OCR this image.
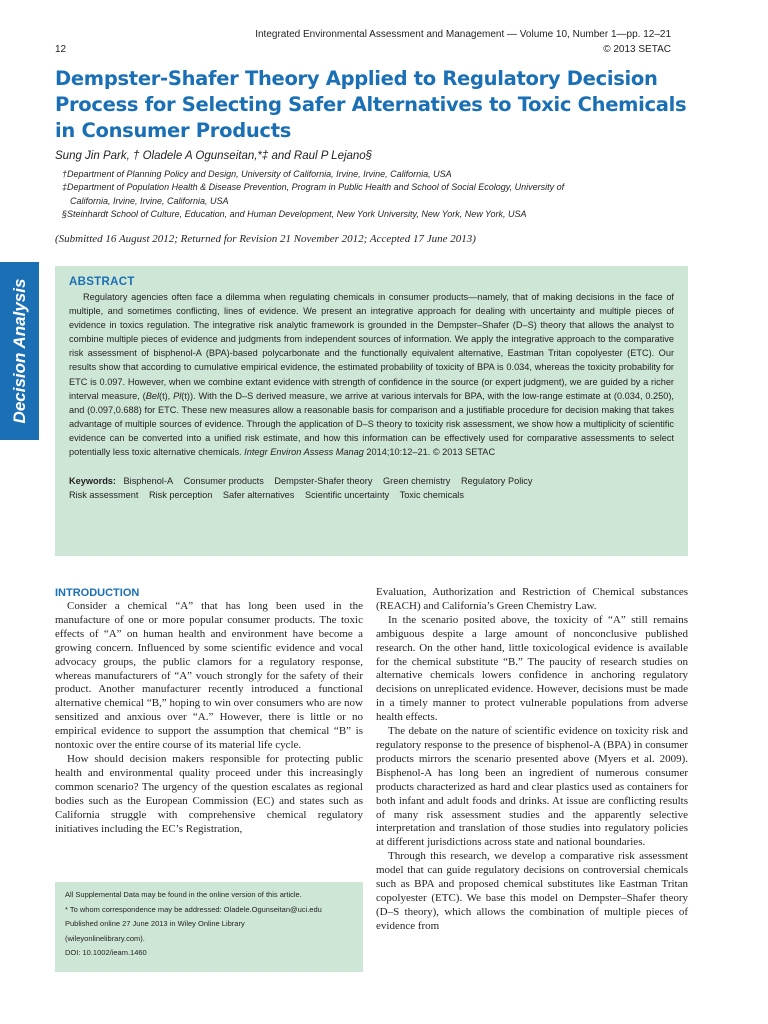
Integrated Environmental Assessment and Management — Volume 10, Number 1—pp. 12–21
12	© 2013 SETAC
Dempster-Shafer Theory Applied to Regulatory Decision Process for Selecting Safer Alternatives to Toxic Chemicals in Consumer Products
Sung Jin Park, † Oladele A Ogunseitan,*‡ and Raul P Lejano§
†Department of Planning Policy and Design, University of California, Irvine, Irvine, California, USA
‡Department of Population Health & Disease Prevention, Program in Public Health and School of Social Ecology, University of
California, Irvine, Irvine, California, USA
§Steinhardt School of Culture, Education, and Human Development, New York University, New York, New York, USA
(Submitted 16 August 2012; Returned for Revision 21 November 2012; Accepted 17 June 2013)
Decision Analysis	ABSTRACT

Regulatory agencies often face a dilemma when regulating chemicals in consumer products—namely, that of making decisions in the face of multiple, and sometimes conflicting, lines of evidence. We present an integrative approach for dealing with uncertainty and multiple pieces of evidence in toxics regulation. The integrative risk analytic framework is grounded in the Dempster–Shafer (D–S) theory that allows the analyst to combine multiple pieces of evidence and judgments from independent sources of information. We apply the integrative approach to the comparative risk assessment of bisphenol-A (BPA)-based polycarbonate and the functionally equivalent alternative, Eastman Tritan copolyester (ETC). Our results show that according to cumulative empirical evidence, the estimated probability of toxicity of BPA is 0.034, whereas the toxicity probability for ETC is 0.097. However, when we combine extant evidence with strength of confidence in the source (or expert judgment), we are guided by a richer interval measure, (Bel(t), Pl(t)). With the D–S derived measure, we arrive at various intervals for BPA, with the low-range estimate at (0.034, 0.250), and (0.097,0.688) for ETC. These new measures allow a reasonable basis for comparison and a justifiable procedure for decision making that takes advantage of multiple sources of evidence. Through the application of D–S theory to toxicity risk assessment, we show how a multiplicity of scientific evidence can be converted into a unified risk estimate, and how this information can be effectively used for comparative assessments to select potentially less toxic alternative chemicals. Integr Environ Assess Manag 2014;10:12–21. © 2013 SETAC

Keywords: Bisphenol-A Consumer products Dempster-Shafer theory Green chemistry Regulatory Policy
Risk assessment Risk perception Safer alternatives Scientific uncertainty Toxic chemicals
INTRODUCTION

Consider a chemical “A” that has long been used in the manufacture of one or more popular consumer products. The toxic effects of “A” on human health and environment have become a growing concern. Influenced by some scientific evidence and vocal advocacy groups, the public clamors for a regulatory response, whereas manufacturers of “A” vouch strongly for the safety of their product. Another manufacturer recently introduced a functional alternative chemical “B,” hoping to win over consumers who are now sensitized and anxious over “A.” However, there is little or no empirical evidence to support the assumption that chemical “B” is nontoxic over the entire course of its material life cycle.

How should decision makers responsible for protecting public health and environmental quality proceed under this increasingly common scenario? The urgency of the question escalates as regional bodies such as the European Commission (EC) and states such as California struggle with comprehensive chemical regulatory initiatives including the EC’s Registration,

Evaluation, Authorization and Restriction of Chemical substances (REACH) and California’s Green Chemistry Law.

In the scenario posited above, the toxicity of “A” still remains ambiguous despite a large amount of nonconclusive published research. On the other hand, little toxicological evidence is available for the chemical substitute “B.” The paucity of research studies on alternative chemicals lowers confidence in anchoring regulatory decisions on unreplicated evidence. However, decisions must be made in a timely manner to protect vulnerable populations from adverse health effects.

The debate on the nature of scientific evidence on toxicity risk and regulatory response to the presence of bisphenol-A (BPA) in consumer products mirrors the scenario presented above (Myers et al. 2009). Bisphenol-A has long been an ingredient of numerous consumer products characterized as hard and clear plastics used as containers for both infant and adult foods and drinks. At issue are conflicting results of many risk assessment studies and the apparently selective interpretation and translation of those studies into regulatory policies at different jurisdictions across state and national boundaries.

Through this research, we develop a comparative risk assessment model that can guide regulatory decisions on controversial chemicals such as BPA and proposed chemical substitutes like Eastman Tritan copolyester (ETC). We base this model on Dempster–Shafer theory (D–S theory), which allows the combination of multiple pieces of evidence from

All Supplemental Data may be found in the online version of this article.
* To whom correspondence may be addressed: Oladele.Ogunseitan@uci.edu
Published online 27 June 2013 in Wiley Online Library
(wileyonlinelibrary.com).
DOI: 10.1002/ieam.1460
